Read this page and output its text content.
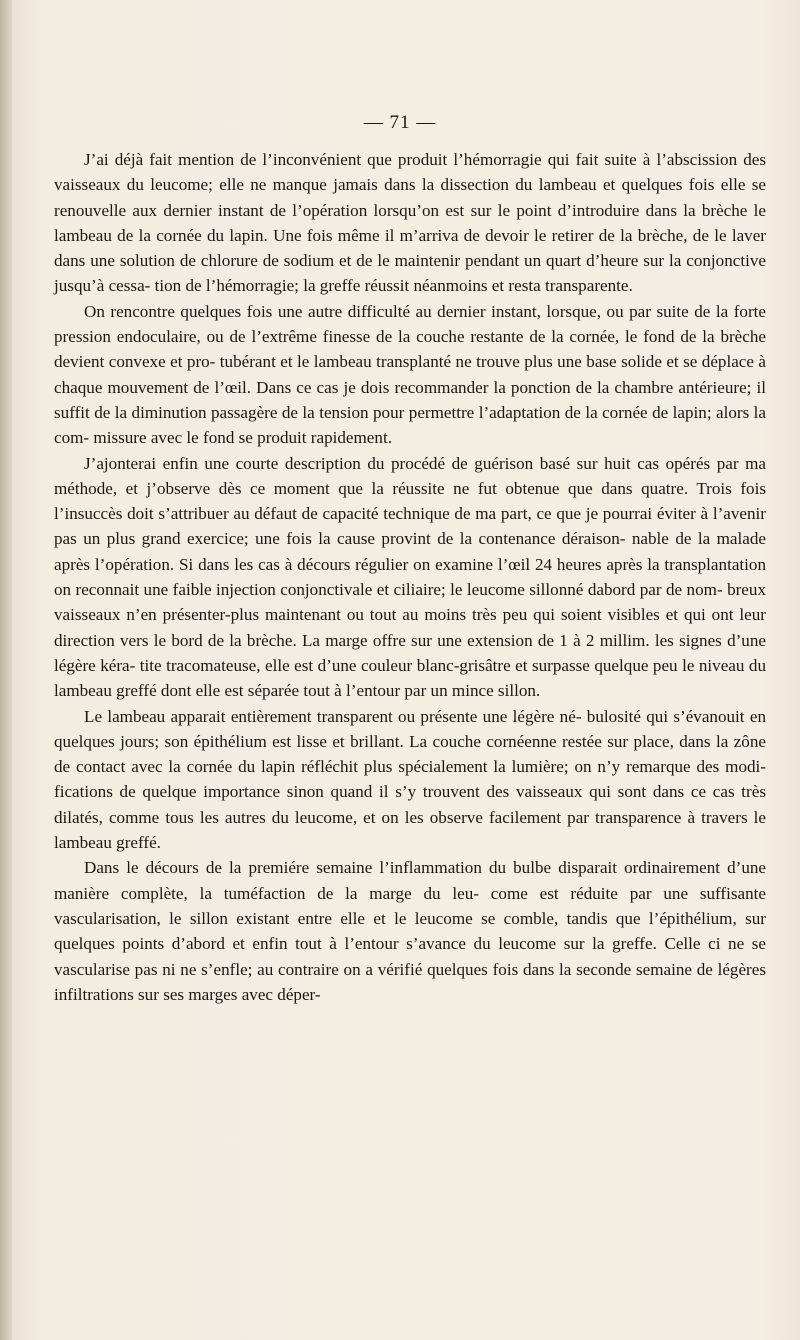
— 71 —

J’ai déjà fait mention de l’inconvénient que produit l’hémorragie qui fait suite à l’abscission des vaisseaux du leucome; elle ne manque jamais dans la dissection du lambeau et quelques fois elle se renouvelle aux dernier instant de l’opération lorsqu’on est sur le point d’introduire dans la brèche le lambeau de la cornée du lapin. Une fois même il m’arriva de devoir le retirer de la brèche, de le laver dans une solution de chlorure de sodium et de le maintenir pendant un quart d’heure sur la conjonctive jusqu’à cessa- tion de l’hémorragie; la greffe réussit néanmoins et resta transparente.

On rencontre quelques fois une autre difficulté au dernier instant, lorsque, ou par suite de la forte pression endoculaire, ou de l’extrême finesse de la couche restante de la cornée, le fond de la brèche devient convexe et pro- tubérant et le lambeau transplanté ne trouve plus une base solide et se déplace à chaque mouvement de l’œil. Dans ce cas je dois recommander la ponction de la chambre antérieure; il suffit de la diminution passagère de la tension pour permettre l’adaptation de la cornée de lapin; alors la com- missure avec le fond se produit rapidement.

J’ajonterai enfin une courte description du procédé de guérison basé sur huit cas opérés par ma méthode, et j’observe dès ce moment que la réussite ne fut obtenue que dans quatre. Trois fois l’insuccès doit s’attribuer au défaut de capacité technique de ma part, ce que je pourrai éviter à l’avenir pas un plus grand exercice; une fois la cause provint de la contenance déraison- nable de la malade après l’opération. Si dans les cas à décours régulier on examine l’œil 24 heures après la transplantation on reconnait une faible injection conjonctivale et ciliaire; le leucome sillonné dabord par de nom- breux vaisseaux n’en présenter-plus maintenant ou tout au moins très peu qui soient visibles et qui ont leur direction vers le bord de la brèche. La marge offre sur une extension de 1 à 2 millim. les signes d’une légère kéra- tite tracomateuse, elle est d’une couleur blanc-grisâtre et surpasse quelque peu le niveau du lambeau greffé dont elle est séparée tout à l’entour par un mince sillon.

Le lambeau apparait entièrement transparent ou présente une légère né- bulosité qui s’évanouit en quelques jours; son épithélium est lisse et brillant. La couche cornéenne restée sur place, dans la zône de contact avec la cornée du lapin réfléchit plus spécialement la lumière; on n’y remarque des modi- fications de quelque importance sinon quand il s’y trouvent des vaisseaux qui sont dans ce cas très dilatés, comme tous les autres du leucome, et on les observe facilement par transparence à travers le lambeau greffé.

Dans le décours de la premiére semaine l’inflammation du bulbe disparait ordinairement d’une manière complète, la tuméfaction de la marge du leu- come est réduite par une suffisante vascularisation, le sillon existant entre elle et le leucome se comble, tandis que l’épithélium, sur quelques points d’abord et enfin tout à l’entour s’avance du leucome sur la greffe. Celle ci ne se vascularise pas ni ne s’enfle; au contraire on a vérifié quelques fois dans la seconde semaine de légères infiltrations sur ses marges avec déper-
